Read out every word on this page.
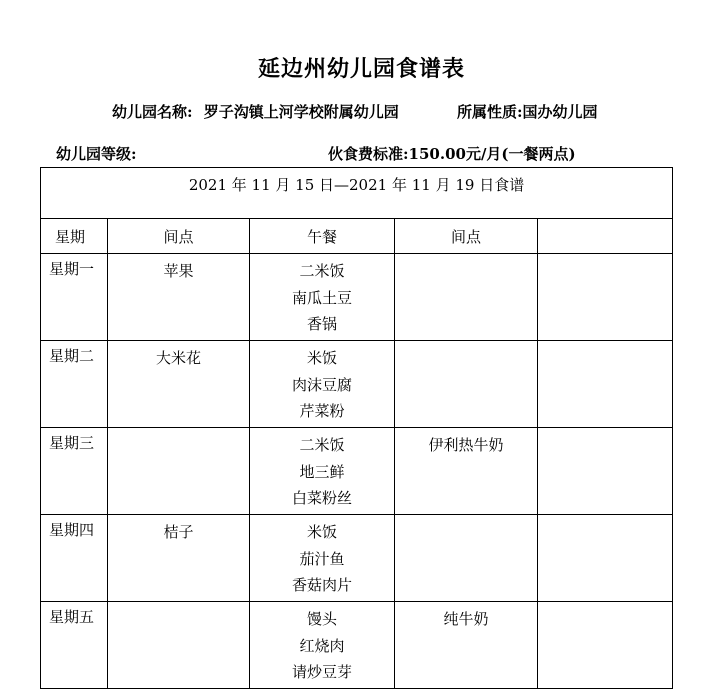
延边州幼儿园食谱表
幼儿园名称: 罗子沟镇上河学校附属幼儿园	所属性质:国办幼儿园
幼儿园等级:	伙食费标准:150.00元/月(一餐两点)
2021 年 11 月 15 日—2021 年 11 月 19 日食谱				
星期	间点	午餐	间点	
星期一	苹果	二米饭
南瓜土豆
香锅		

星期二	大米花	米饭
肉沫豆腐
芹菜粉		

星期三		二米饭
地三鲜
白菜粉丝	伊利热牛奶	

星期四	桔子	米饭
茄汁鱼
香菇肉片		

星期五		馒头
红烧肉
请炒豆芽	纯牛奶	
